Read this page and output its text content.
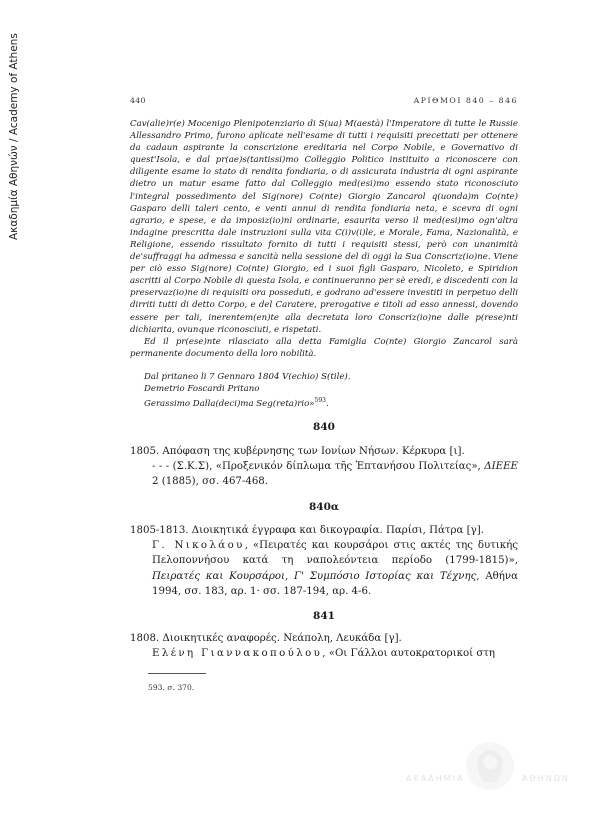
Ακαδημία Αθηνών / Academy of Athens	440	ΑΡΙΘΜΟΙ 840 – 846

Cav(alie)r(e) Mocenigo Plenipotenziario di S(ua) M(aestà) l'Imperatore di tutte le Russie Allessandro Primo, furono aplicate nell'esame di tutti i requisiti precettati per ottenere da cadaun aspirante la conscrizione ereditaria nel Corpo Nobile, e Governativo di quest'Isola, e dal pr(ae)s(tantissi)mo Colleggio Politico instituito a riconoscere con diligente esame lo stato di rendita fondiaria, o di assicurata industria di ogni aspirante dietro un matur esame fatto dal Colleggio med(esi)mo essendo stato riconosciuto l'integral possedimento del Sig(nore) Co(nte) Giorgio Zancarol q(uonda)m Co(nte) Gasparo delli taleri cento, e venti annui di rendita fondiaria neta, e scevra di ogni agrario, e spese, e da imposiz(io)ni ordinarie, esaurita verso il med(esi)mo ogn'altra indagine prescritta dale instruzioni sulla vita C(i)v(i)le, e Morale, Fama, Nazionalità, e Religione, essendo rissultato fornito di tutti i requisiti stessi, però con unanimità de'suffraggi ha admessa e sancità nella sessione del di oggi la Sua Conscriz(io)ne. Viene per ciò esso Sig(nore) Co(nte) Giorgio, ed i suoi figli Gasparo, Nicoleto, e Spiridion ascritti al Corpo Nobile di questa Isola, e continueranno per sè eredi, e discedenti con la preservaz(io)ne di requisiti ora posseduti, e godrano ad'essere investiti in perpetuo delli dirriti tutti di detto Corpo, e del Caratere, prerogative e titoli ad esso annessi, dovendo essere per tali, inerentem(en)te alla decretata loro Conscriz(io)ne dalle p(rese)nti dichiarita, ovunque riconosciuti, e rispetati.

Ed il pr(ese)nte rilasciato alla detta Famiglia Co(nte) Giorgio Zancarol sarà permanente documento della loro nobilità.

Dal pritaneo li 7 Gennaro 1804 V(echio) S(tile).

Demetrio Foscardi Pritano

Gerassimo Dalla(deci)ma Seg(reta)rio»$^{593}$.

840

1805. Απόφαση της κυβέρνησης των Ιονίων Νήσων. Κέρκυρα [ι].

- - - (Σ.Κ.Σ), «Προξενικόν δίπλωμα τῆς Ἑπτανήσου Πολιτείας», ΔΙΕΕΕ 2 (1885), σσ. 467-468.

840α

1805-1813. Διοικητικά έγγραφα και δικογραφία. Παρίσι, Πάτρα [γ].

Γ. Νικολάου, «Πειρατές και κουρσάροι στις ακτές της δυτικής Πελοποννήσου κατά τη ναπολεόντεια περίοδο (1799-1815)», Πειρατές και Κουρσάροι, Γ' Συμπόσιο Ιστορίας και Τέχνης, Αθήνα 1994, σσ. 183, αρ. 1· σσ. 187-194, αρ. 4-6.

841

1808. Διοικητικές αναφορές. Νεάπολη, Λευκάδα [γ].

Ελένη Γιαννακοπούλου, «Οι Γάλλοι αυτοκρατορικοί στη

593. σ. 370.
ΑΚΑΔΗΜΙΑ	ΑΘΗΝΩΝ
